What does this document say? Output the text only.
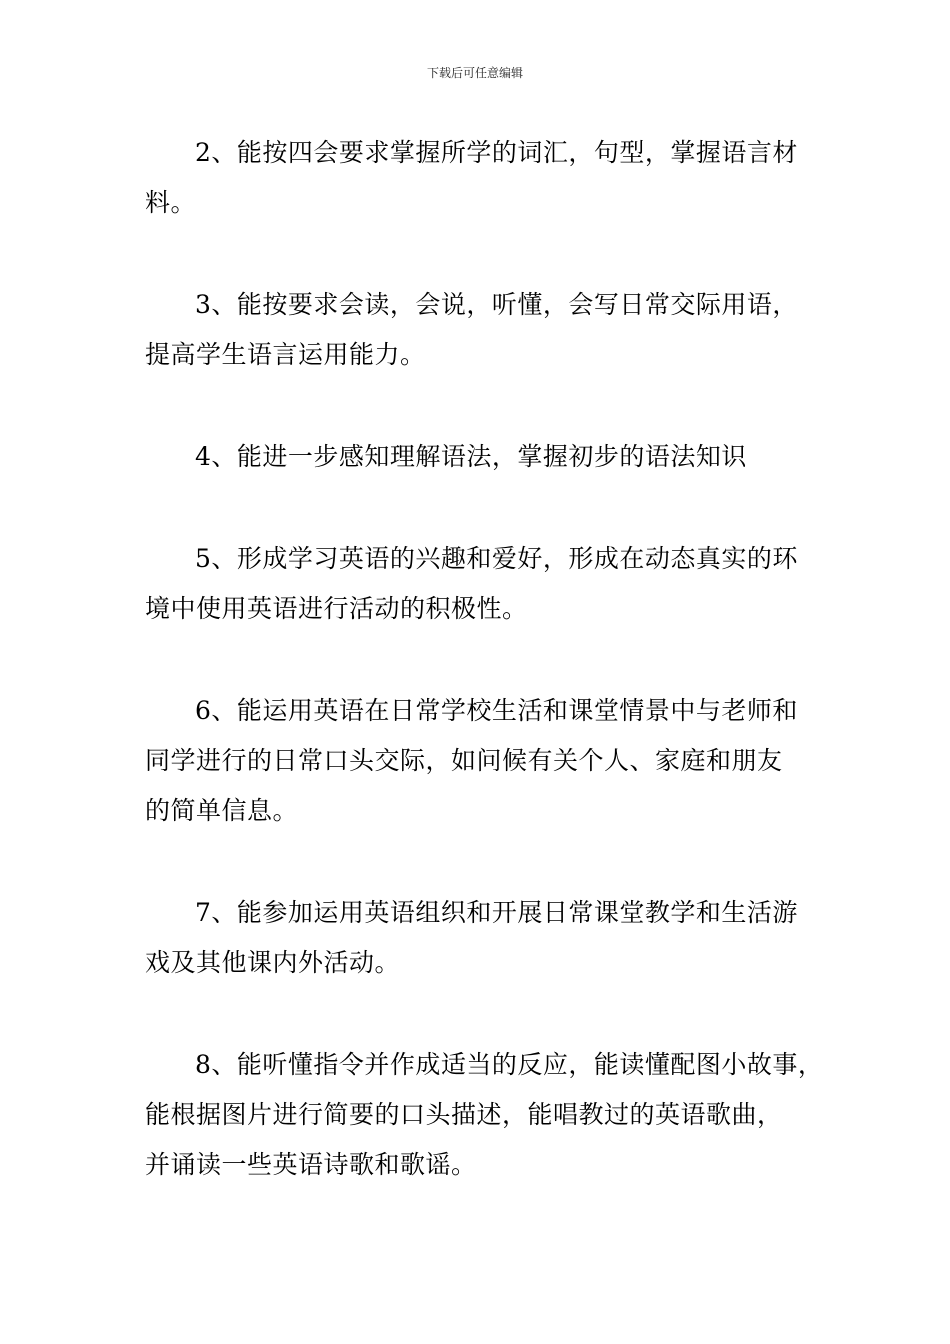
下载后可任意编辑

2、能按四会要求掌握所学的词汇，句型，掌握语言材
料。

3、能按要求会读，会说，听懂，会写日常交际用语，
提高学生语言运用能力。

4、能进一步感知理解语法，掌握初步的语法知识

5、形成学习英语的兴趣和爱好，形成在动态真实的环
境中使用英语进行活动的积极性。

6、能运用英语在日常学校生活和课堂情景中与老师和
同学进行的日常口头交际，如问候有关个人、家庭和朋友
的简单信息。

7、能参加运用英语组织和开展日常课堂教学和生活游
戏及其他课内外活动。

8、能听懂指令并作成适当的反应，能读懂配图小故事，
能根据图片进行简要的口头描述，能唱教过的英语歌曲，
并诵读一些英语诗歌和歌谣。
